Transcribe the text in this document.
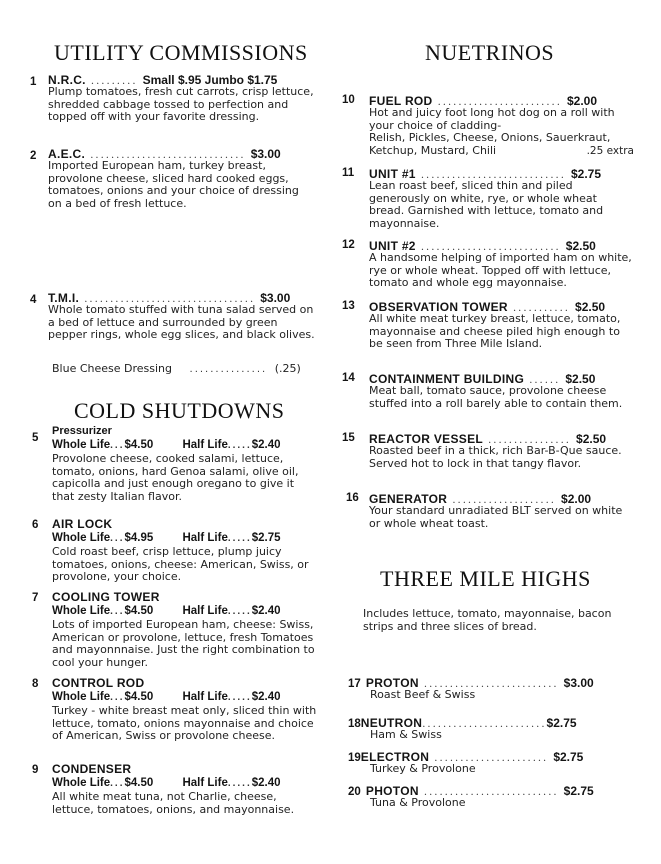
UTILITY COMMISSIONS
1 N.R.C. ......... Small $.95 Jumbo $1.75

Plump tomatoes, fresh cut carrots, crisp lettuce, shredded cabbage tossed to perfection and topped off with your favorite dressing.

2 A.E.C. .............................. $3.00

Imported European ham, turkey breast, provolone cheese, sliced hard cooked eggs, tomatoes, onions and your choice of dressing on a bed of fresh lettuce.

4 T.M.I. ................................. $3.00

Whole tomato stuffed with tuna salad served on a bed of lettuce and surrounded by green pepper rings, whole egg slices, and black olives.

Blue Cheese Dressing ............... (.25)
COLD SHUTDOWNS
5
Pressurizer
Whole Life...$4.50	Half Life.....$2.40

Provolone cheese, cooked salami, lettuce, tomato, onions, hard Genoa salami, olive oil, capicolla and just enough oregano to give it that zesty Italian flavor.

6 AIR LOCK
Whole Life...$4.95	Half Life.....$2.75

Cold roast beef, crisp lettuce, plump juicy tomatoes, onions, cheese: American, Swiss, or provolone, your choice.

7 COOLING TOWER
Whole Life...$4.50	Half Life.....$2.40

Lots of imported European ham, cheese: Swiss, American or provolone, lettuce, fresh Tomatoes and mayonnnaise. Just the right combination to cool your hunger.

8 CONTROL ROD
Whole Life...$4.50	Half Life.....$2.40

Turkey - white breast meat only, sliced thin with lettuce, tomato, onions mayonnaise and choice of American, Swiss or provolone cheese.

9 CONDENSER
Whole Life...$4.50	Half Life.....$2.40

All white meat tuna, not Charlie, cheese, lettuce, tomatoes, onions, and mayonnaise.

NUETRINOS
10 FUEL ROD ........................ $2.00

Hot and juicy foot long hot dog on a roll with your choice of cladding-

Relish, Pickles, Cheese, Onions, Sauerkraut,

Ketchup, Mustard, Chili	.25 extra
11 UNIT #1 ............................ $2.75

Lean roast beef, sliced thin and piled generously on white, rye, or whole wheat bread. Garnished with lettuce, tomato and mayonnaise.

12 UNIT #2 ........................... $2.50

A handsome helping of imported ham on white, rye or whole wheat. Topped off with lettuce, tomato and whole egg mayonnaise.

13 OBSERVATION TOWER ........... $2.50

All white meat turkey breast, lettuce, tomato, mayonnaise and cheese piled high enough to be seen from Three Mile Island.

14 CONTAINMENT BUILDING ...... $2.50

Meat ball, tomato sauce, provolone cheese stuffed into a roll barely able to contain them.

15 REACTOR VESSEL ................ $2.50

Roasted beef in a thick, rich Bar-B-Que sauce. Served hot to lock in that tangy flavor.

16 GENERATOR .................... $2.00

Your standard unradiated BLT served on white or whole wheat toast.

THREE MILE HIGHS

Includes lettuce, tomato, mayonnaise, bacon strips and three slices of bread.

17 PROTON .......................... $3.00
Roast Beef & Swiss
18NEUTRON........................$2.75
Ham & Swiss
19ELECTRON ...................... $2.75
Turkey & Provolone
20 PHOTON .......................... $2.75
Tuna & Provolone
